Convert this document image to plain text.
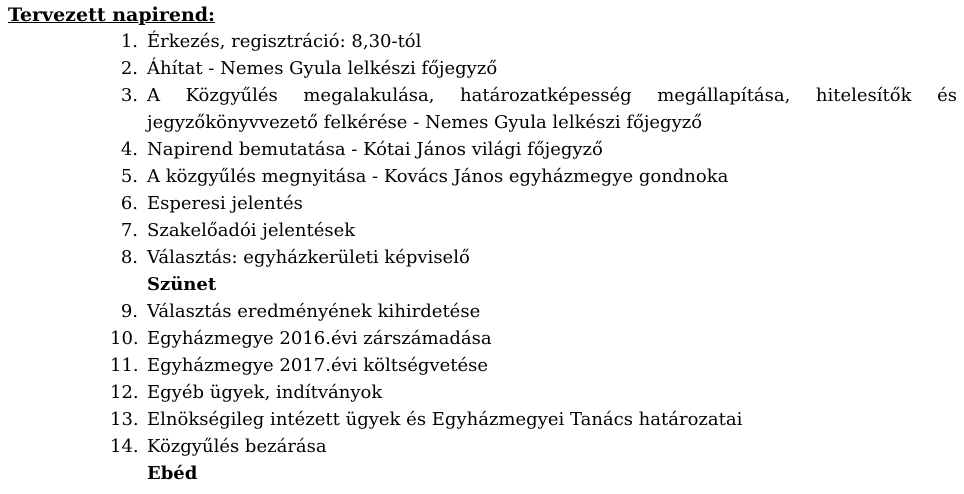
Tervezett napirend:

1. Érkezés, regisztráció: 8,30-tól
2. Áhítat - Nemes Gyula lelkészi főjegyző
3. A Közgyűlés megalakulása, határozatképesség megállapítása, hitelesítők és
jegyzőkönyvvezető felkérése - Nemes Gyula lelkészi főjegyző
4. Napirend bemutatása - Kótai János világi főjegyző
5. A közgyűlés megnyitása - Kovács János egyházmegye gondnoka
6. Esperesi jelentés
7. Szakelőadói jelentések
8. Választás: egyházkerületi képviselő
Szünet
9. Választás eredményének kihirdetése
10. Egyházmegye 2016.évi zárszámadása
11. Egyházmegye 2017.évi költségvetése
12. Egyéb ügyek, indítványok
13. Elnökségileg intézett ügyek és Egyházmegyei Tanács határozatai
14. Közgyűlés bezárása
Ebéd
